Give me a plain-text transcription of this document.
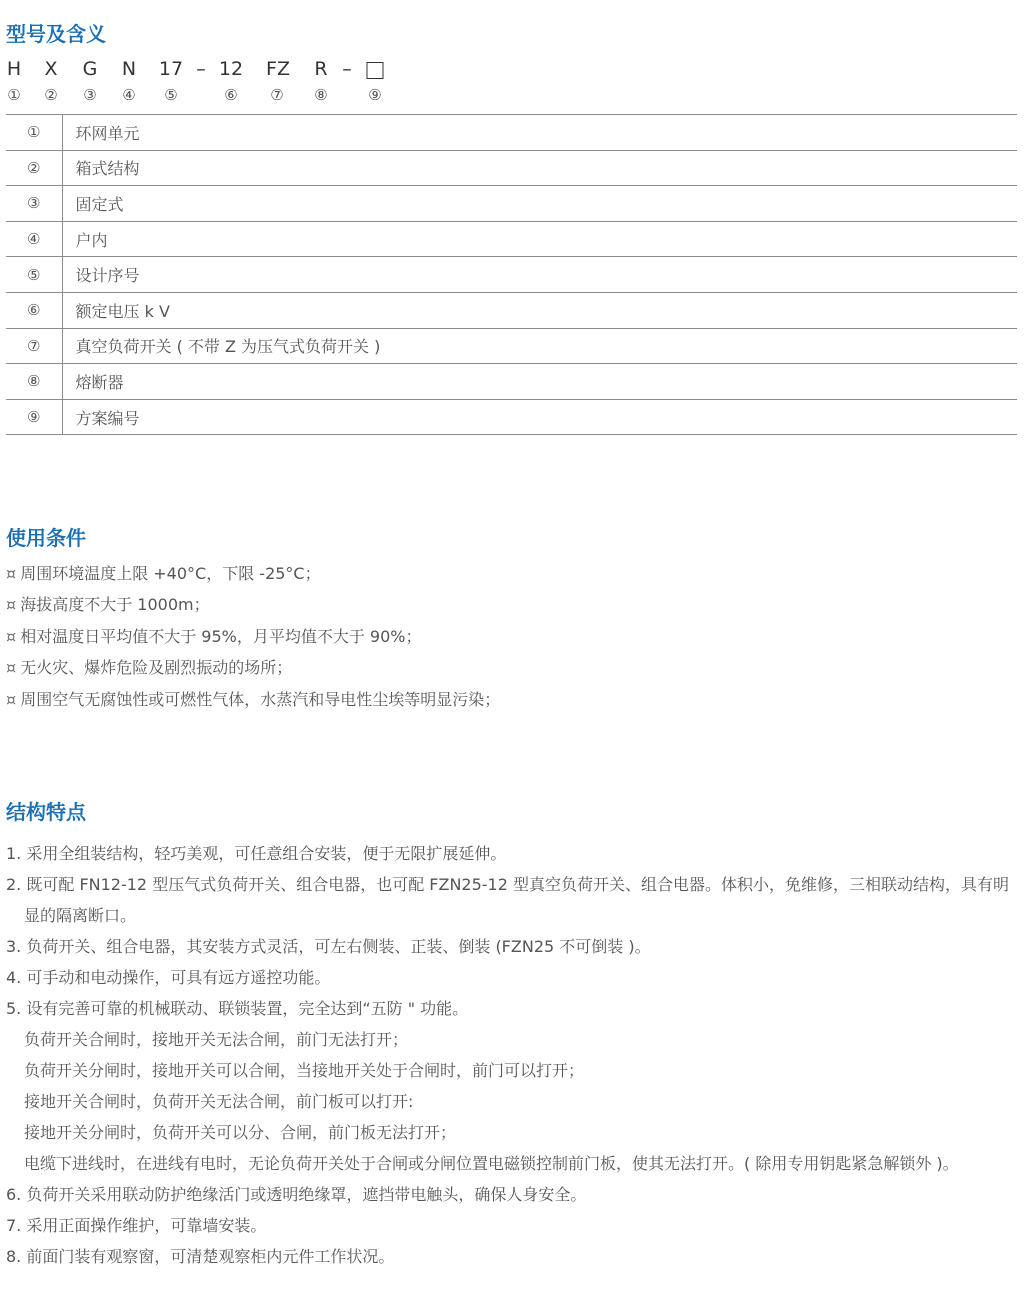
型号及含义
H X G N 17 – 12 FZ R –
① ② ③ ④ ⑤	⑥ ⑦ ⑧	⑨
①	环网单元
②	箱式结构
③	固定式
④	户内
⑤	设计序号
⑥	额定电压 k V
⑦	真空负荷开关 ( 不带 Z 为压气式负荷开关 )
⑧	熔断器
⑨	方案编号
使用条件
¤ 周围环境温度上限 +40°C，下限 -25°C；
¤ 海拔高度不大于 1000m；
¤ 相对温度日平均值不大于 95%，月平均值不大于 90%；
¤ 无火灾、爆炸危险及剧烈振动的场所；
¤ 周围空气无腐蚀性或可燃性气体，水蒸汽和导电性尘埃等明显污染；
结构特点

1. 采用全组装结构，轻巧美观，可任意组合安装，便于无限扩展延伸。

2. 既可配 FN12-12 型压气式负荷开关、组合电器，也可配 FZN25-12 型真空负荷开关、组合电器。体积小，免维修，三相联动结构，具有明显的隔离断口。

3. 负荷开关、组合电器，其安装方式灵活，可左右侧装、正装、倒装 (FZN25 不可倒装 )。

4. 可手动和电动操作，可具有远方遥控功能。

5. 设有完善可靠的机械联动、联锁装置，完全达到“五防 " 功能。

负荷开关合闸时，接地开关无法合闸，前门无法打开；

负荷开关分闸时，接地开关可以合闸，当接地开关处于合闸时，前门可以打开；

接地开关合闸时，负荷开关无法合闸，前门板可以打开:

接地开关分闸时，负荷开关可以分、合闸，前门板无法打开；

电缆下进线时，在进线有电时，无论负荷开关处于合闸或分闸位置电磁锁控制前门板，使其无法打开。( 除用专用钥匙紧急解锁外 )。

6. 负荷开关采用联动防护绝缘活门或透明绝缘罩，遮挡带电触头，确保人身安全。

7. 采用正面操作维护，可靠墙安装。

8. 前面门装有观察窗，可清楚观察柜内元件工作状况。
